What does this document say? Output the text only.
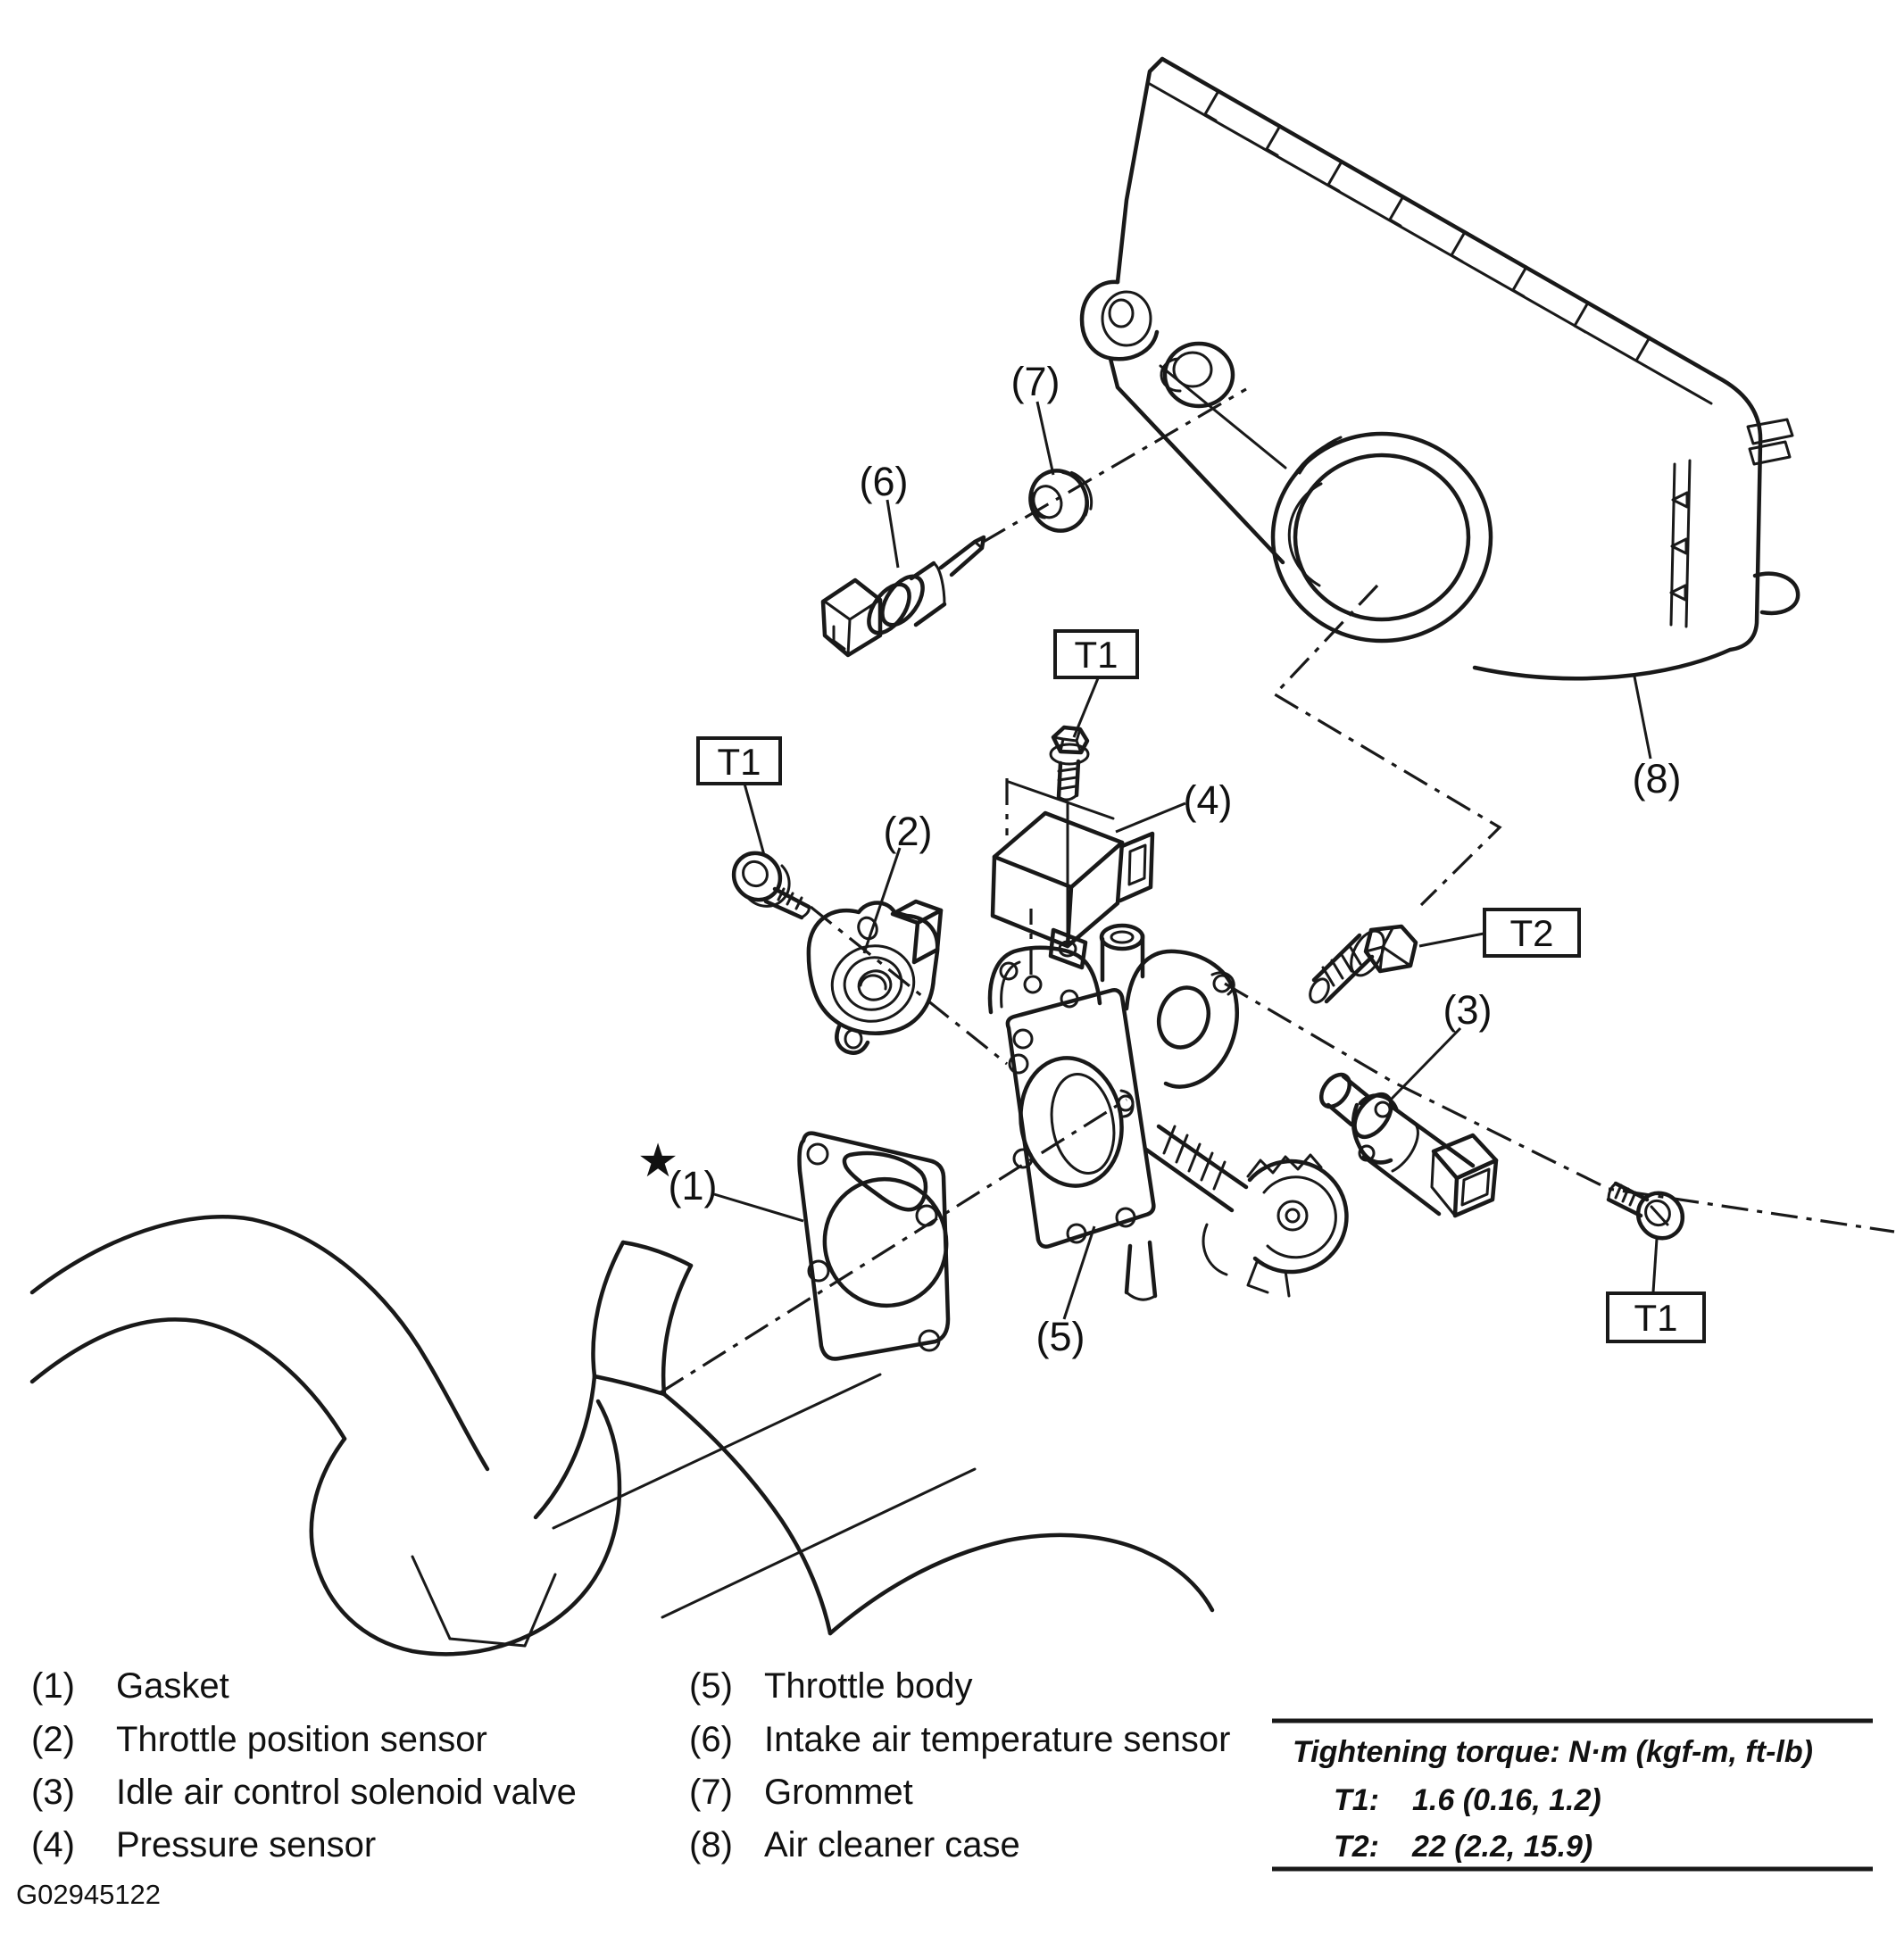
T1
T1
T2
T1
★
(1)
(2)
(3)
(4)
(5)
(6)
(7)
(8)
(1) Gasket
(2) Throttle position sensor
(3) Idle air control solenoid valve
(4) Pressure sensor
(5) Throttle body
(6) Intake air temperature sensor
(7) Grommet
(8) Air cleaner case
G02945122
Tightening torque: N·m (kgf-m, ft-lb)
T1: 1.6 (0.16, 1.2)
T2: 22 (2.2, 15.9)
